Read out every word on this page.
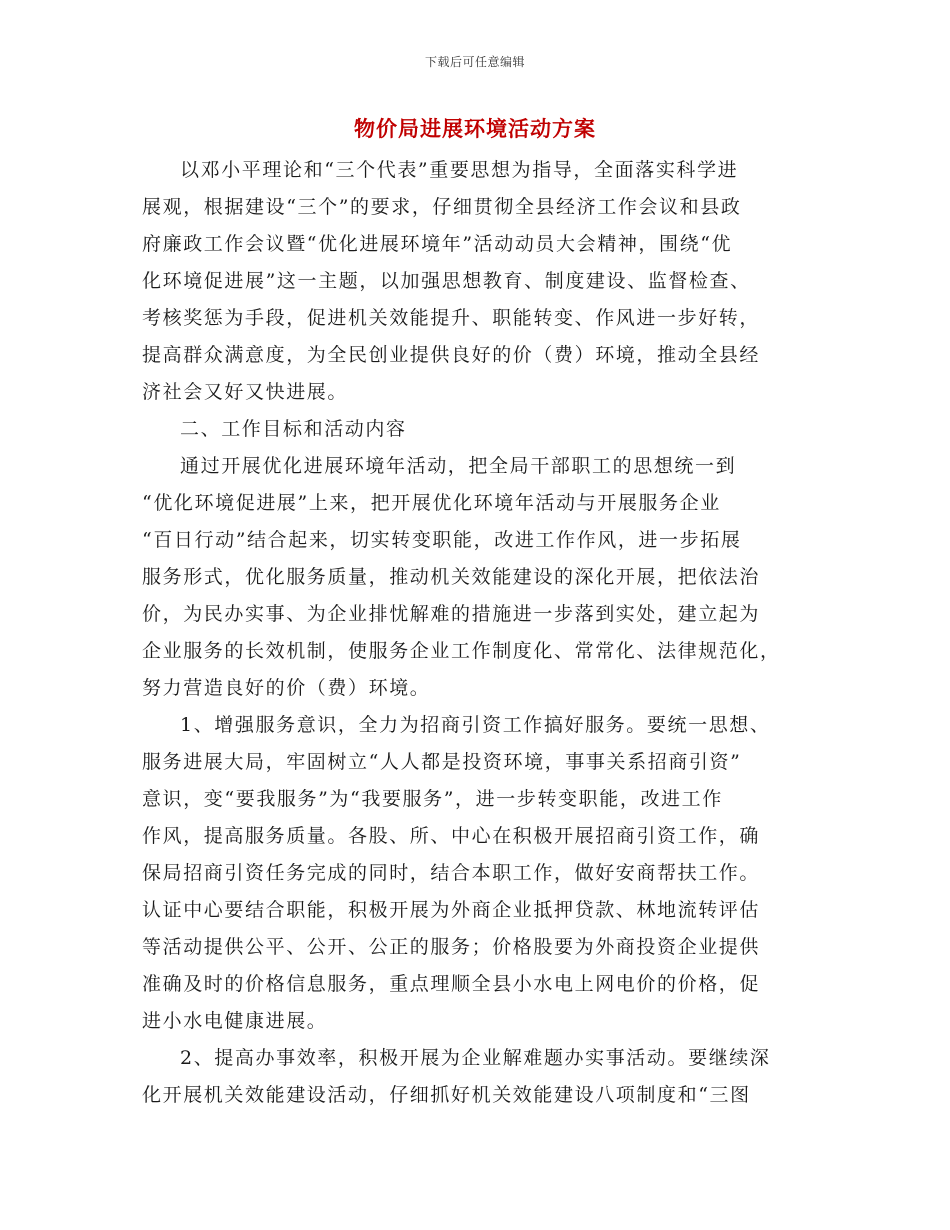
下载后可任意编辑
物价局进展环境活动方案

以邓小平理论和“三个代表”重要思想为指导，全面落实科学进
展观，根据建设“三个”的要求，仔细贯彻全县经济工作会议和县政
府廉政工作会议暨“优化进展环境年”活动动员大会精神，围绕“优
化环境促进展”这一主题，以加强思想教育、制度建设、监督检查、
考核奖惩为手段，促进机关效能提升、职能转变、作风进一步好转，
提高群众满意度，为全民创业提供良好的价（费）环境，推动全县经
济社会又好又快进展。

二、工作目标和活动内容

通过开展优化进展环境年活动，把全局干部职工的思想统一到
“优化环境促进展”上来，把开展优化环境年活动与开展服务企业
“百日行动”结合起来，切实转变职能，改进工作作风，进一步拓展
服务形式，优化服务质量，推动机关效能建设的深化开展，把依法治
价，为民办实事、为企业排忧解难的措施进一步落到实处，建立起为
企业服务的长效机制，使服务企业工作制度化、常常化、法律规范化，
努力营造良好的价（费）环境。

1、增强服务意识，全力为招商引资工作搞好服务。要统一思想、
服务进展大局，牢固树立“人人都是投资环境，事事关系招商引资”
意识，变“要我服务”为“我要服务”，进一步转变职能，改进工作
作风，提高服务质量。各股、所、中心在积极开展招商引资工作，确
保局招商引资任务完成的同时，结合本职工作，做好安商帮扶工作。
认证中心要结合职能，积极开展为外商企业抵押贷款、林地流转评估
等活动提供公平、公开、公正的服务；价格股要为外商投资企业提供
准确及时的价格信息服务，重点理顺全县小水电上网电价的价格，促
进小水电健康进展。

2、提高办事效率，积极开展为企业解难题办实事活动。要继续深
化开展机关效能建设活动，仔细抓好机关效能建设八项制度和“三图
